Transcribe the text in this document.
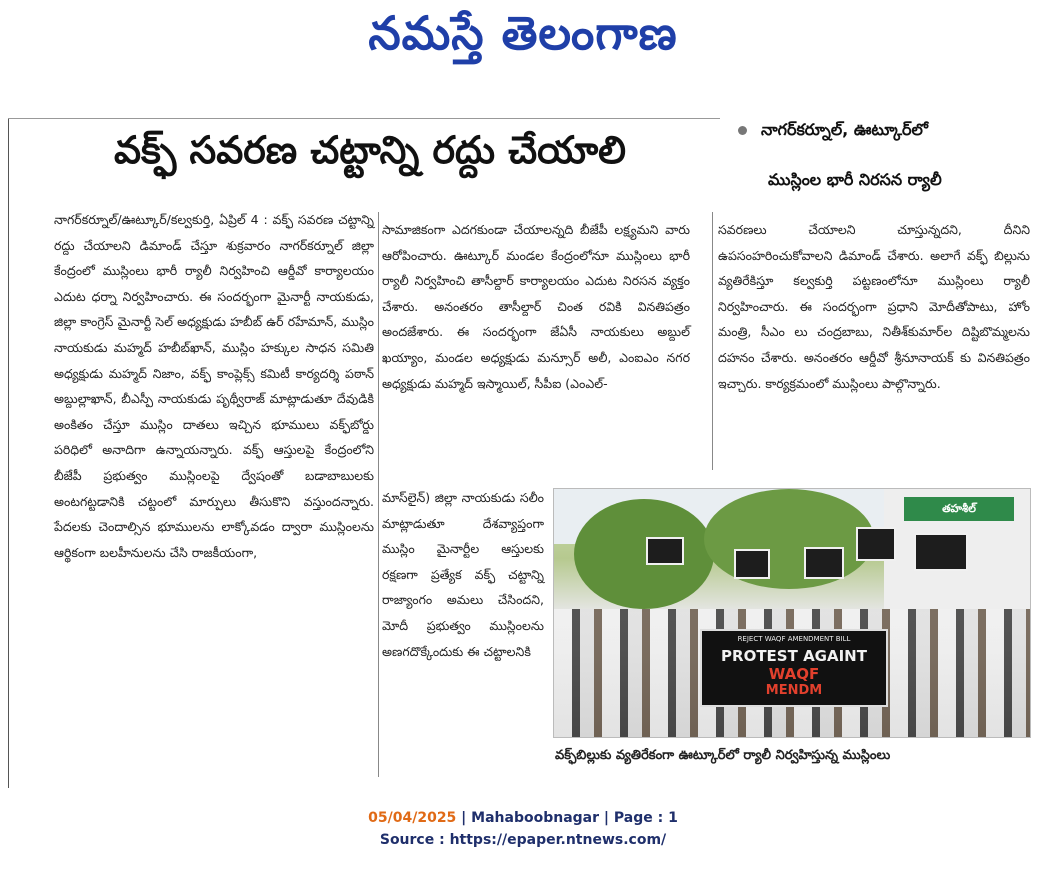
నమస్తే తెలంగాణ
వక్ఫ్ సవరణ చట్టాన్ని రద్దు చేయాలి	నాగర్‌కర్నూల్, ఊట్కూర్‌లో
ముస్లింల భారీ నిరసన ర్యాలీ

నాగర్‌కర్నూల్/ఊట్కూర్/కల్వకుర్తి, ఏప్రిల్ 4 : వక్ఫ్ సవరణ చట్టాన్ని రద్దు చేయాలని డిమాండ్ చేస్తూ శుక్రవారం నాగర్‌కర్నూల్ జిల్లా కేంద్రంలో ముస్లింలు భారీ ర్యాలీ నిర్వహించి ఆర్డీవో కార్యాలయం ఎదుట ధర్నా నిర్వహించారు. ఈ సందర్భంగా మైనార్టీ నాయకుడు, జిల్లా కాంగ్రెస్ మైనార్టీ సెల్ అధ్యక్షుడు హబీబ్ ఉర్ రహేమాన్, ముస్లిం నాయకుడు మహ్మద్ హబీబ్‌ఖాన్, ముస్లిం హక్కుల సాధన సమితి అధ్యక్షుడు మహ్మద్ నిజాం, వక్ఫ్ కాంప్లెక్స్ కమిటీ కార్యదర్శి పఠాన్ అబ్దుల్లాఖాన్, బీఎస్పీ నాయకుడు పృథ్వీరాజ్ మాట్లాడుతూ దేవుడికి అంకితం చేస్తూ ముస్లిం దాతలు ఇచ్చిన భూములు వక్ఫ్‌బోర్డు పరిధిలో అనాదిగా ఉన్నాయన్నారు. వక్ఫ్ ఆస్తులపై కేంద్రంలోని బీజేపీ ప్రభుత్వం ముస్లింలపై ద్వేషంతో బడాబాబులకు అంటగట్టడానికి చట్టంలో మార్పులు తీసుకొని వస్తుందన్నారు. పేదలకు చెందాల్సిన భూములను లాక్కోవడం ద్వారా ముస్లింలను ఆర్థికంగా బలహీనులను చేసి రాజకీయంగా,

సామాజికంగా ఎదగకుండా చేయాలన్నది బీజేపీ లక్ష్యమని వారు ఆరోపించారు. ఊట్కూర్ మండల కేంద్రంలోనూ ముస్లింలు భారీ ర్యాలీ నిర్వహించి తాసీల్దార్ కార్యాలయం ఎదుట నిరసన వ్యక్తం చేశారు. అనంతరం తాసీల్దార్ చింత రవికి వినతిపత్రం అందజేశారు. ఈ సందర్భంగా జేఏసీ నాయకులు అబ్దుల్ ఖయ్యాం, మండల అధ్యక్షుడు మన్సూర్ అలీ, ఎంఐఎం నగర అధ్యక్షుడు మహ్మద్ ఇస్మాయిల్, సీపీఐ (ఎంఎల్-

మాస్‌లైన్) జిల్లా నాయకుడు సలీం మాట్లాడుతూ దేశవ్యాప్తంగా ముస్లిం మైనార్టీల ఆస్తులకు రక్షణగా ప్రత్యేక వక్ఫ్ చట్టాన్ని రాజ్యాంగం అమలు చేసిందని, మోదీ ప్రభుత్వం ముస్లింలను అణగదొక్కేందుకు ఈ చట్టాలనికి

సవరణలు చేయాలని చూస్తున్నదని, దీనిని ఉపసంహరించుకోవాలని డిమాండ్ చేశారు. అలాగే వక్ఫ్ బిల్లును వ్యతిరేకిస్తూ కల్వకుర్తి పట్టణంలోనూ ముస్లింలు ర్యాలీ నిర్వహించారు. ఈ సందర్భంగా ప్రధాని మోదీతోపాటు, హోం మంత్రి, సీఎం లు చంద్రబాబు, నితీశ్‌కుమార్‌ల దిష్టిబొమ్మలను దహనం చేశారు. అనంతరం ఆర్డీవో శ్రీనూనాయక్ కు వినతిపత్రం ఇచ్చారు. కార్యక్రమంలో ముస్లింలు పాల్గొన్నారు.

తహశీల్
REJECT WAQF AMENDMENT BILL
PROTEST AGAINT
WAQF
MENDM
వక్ఫ్‌బిల్లుకు వ్యతిరేకంగా ఊట్కూర్‌లో ర్యాలీ నిర్వహిస్తున్న ముస్లింలు
05/04/2025 | Mahaboobnagar | Page : 1
Source : https://epaper.ntnews.com/
